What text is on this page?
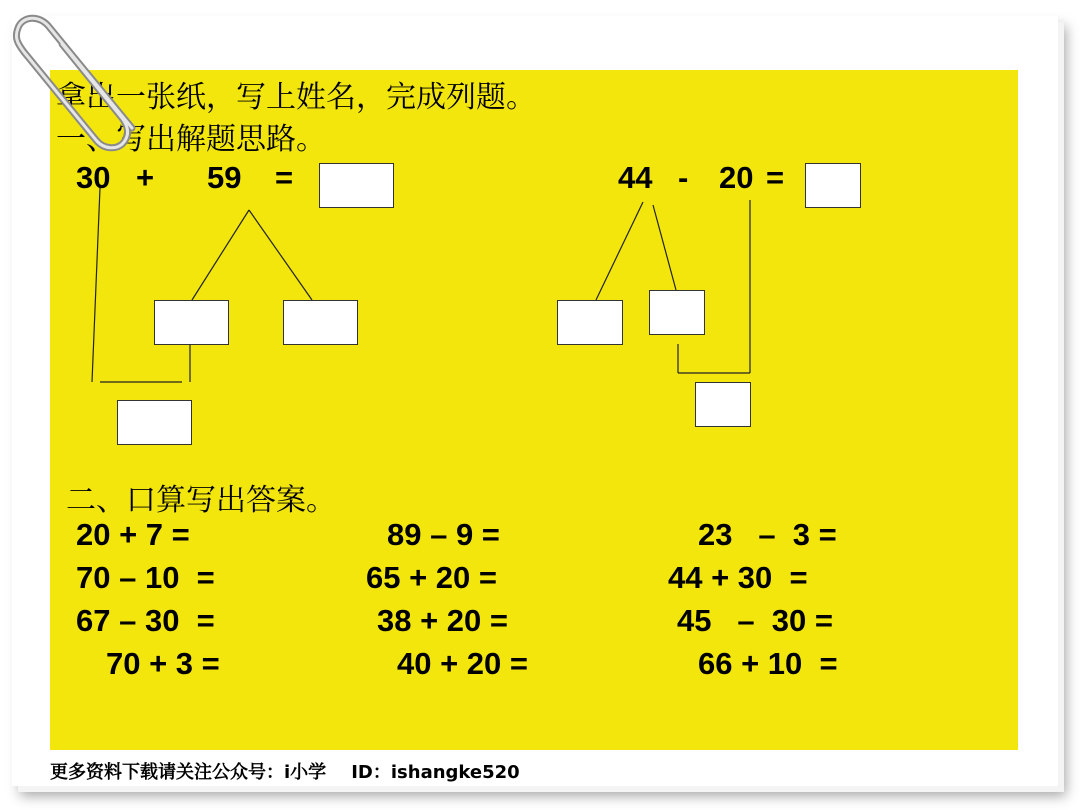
拿出一张纸，写上姓名，完成列题。
一、写出解题思路。
30 + 59 =	44 - 20 =
二、口算写出答案。
20 + 7 =	89 – 9 =	23   –  3 =
70 – 10  =	65 + 20 =	44 + 30  =
67 – 30  =	38 + 20 =	45   –  30 =
70 + 3 =	40 + 20 =	66 + 10  =
更多资料下载请关注公众号：i小学    ID：ishangke520
